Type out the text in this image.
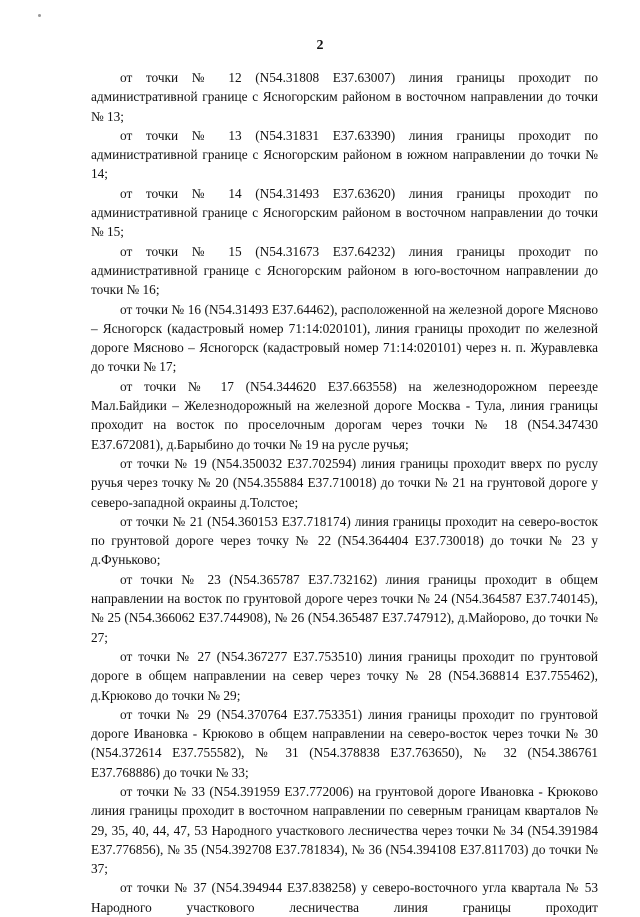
2

от точки № 12 (N54.31808 E37.63007) линия границы проходит по административной границе с Ясногорским районом в восточном направлении до точки № 13;

от точки № 13 (N54.31831 E37.63390) линия границы проходит по административной границе с Ясногорским районом в южном направлении до точки № 14;

от точки № 14 (N54.31493 E37.63620) линия границы проходит по административной границе с Ясногорским районом в восточном направлении до точки № 15;

от точки № 15 (N54.31673 E37.64232) линия границы проходит по административной границе с Ясногорским районом в юго-восточном направлении до точки № 16;

от точки № 16 (N54.31493 E37.64462), расположенной на железной дороге Мясново – Ясногорск (кадастровый номер 71:14:020101), линия границы проходит по железной дороге Мясново – Ясногорск (кадастровый номер 71:14:020101) через н. п. Журавлевка до точки № 17;

от точки № 17 (N54.344620 E37.663558) на железнодорожном переезде Мал.Байдики – Железнодорожный на железной дороге Москва - Тула, линия границы проходит на восток по проселочным дорогам через точки № 18 (N54.347430 E37.672081), д.Барыбино до точки № 19 на русле ручья;

от точки № 19 (N54.350032 E37.702594) линия границы проходит вверх по руслу ручья через точку № 20 (N54.355884 E37.710018) до точки № 21 на грунтовой дороге у северо-западной окраины д.Толстое;

от точки № 21 (N54.360153 E37.718174) линия границы проходит на северо-восток по грунтовой дороге через точку № 22 (N54.364404 E37.730018) до точки № 23 у д.Фуньково;

от точки № 23 (N54.365787 E37.732162) линия границы проходит в общем направлении на восток по грунтовой дороге через точки № 24 (N54.364587 E37.740145), № 25 (N54.366062 E37.744908), № 26 (N54.365487 E37.747912), д.Майорово, до точки № 27;

от точки № 27 (N54.367277 E37.753510) линия границы проходит по грунтовой дороге в общем направлении на север через точку № 28 (N54.368814 E37.755462), д.Крюково до точки № 29;

от точки № 29 (N54.370764 E37.753351) линия границы проходит по грунтовой дороге Ивановка - Крюково в общем направлении на северо-восток через точки № 30 (N54.372614 E37.755582), № 31 (N54.378838 E37.763650), № 32 (N54.386761 E37.768886) до точки № 33;

от точки № 33 (N54.391959 E37.772006) на грунтовой дороге Ивановка - Крюково линия границы проходит в восточном направлении по северным границам кварталов № 29, 35, 40, 44, 47, 53 Народного участкового лесничества через точки № 34 (N54.391984 E37.776856), № 35 (N54.392708 E37.781834), № 36 (N54.394108 E37.811703) до точки № 37;

от точки № 37 (N54.394944 E37.838258) у северо-восточного угла квартала № 53 Народного участкового лесничества линия границы проходит
